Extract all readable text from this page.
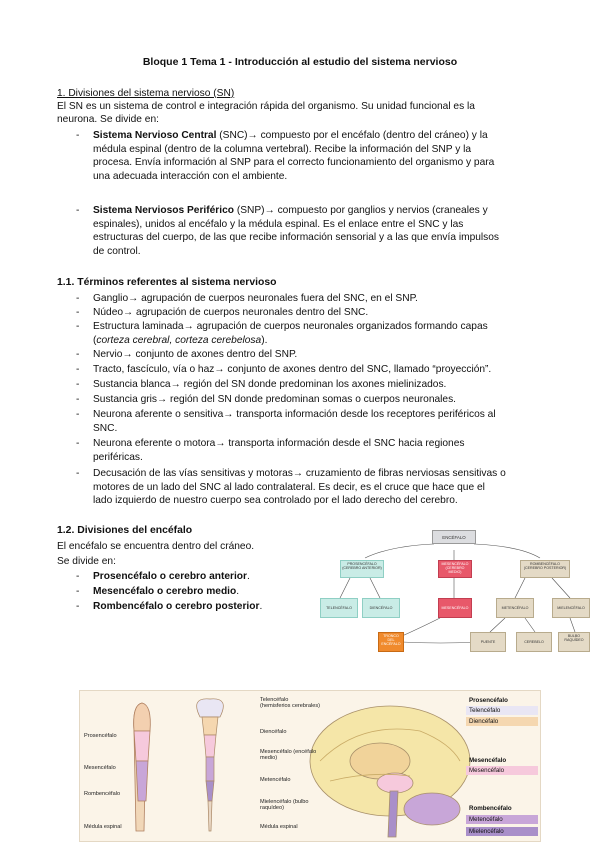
Bloque 1 Tema 1 - Introducción al estudio del sistema nervioso
1. Divisiones del sistema nervioso (SN)
El SN es un sistema de control e integración rápida del organismo. Su unidad funcional es la
neurona. Se divide en:
- Sistema Nervioso Central (SNC)→ compuesto por el encéfalo (dentro del cráneo) y la
médula espinal (dentro de la columna vertebral). Recibe la información del SNP y la
procesa. Envía información al SNP para el correcto funcionamiento del organismo y para
una adecuada interacción con el ambiente.
- Sistema Nerviosos Periférico (SNP)→ compuesto por ganglios y nervios (craneales y
espinales), unidos al encéfalo y la médula espinal. Es el enlace entre el SNC y las
estructuras del cuerpo, de las que recibe información sensorial y a las que envía impulsos
de control.
1.1. Términos referentes al sistema nervioso
- Ganglio→ agrupación de cuerpos neuronales fuera del SNC, en el SNP.
- Núdeo→ agrupación de cuerpos neuronales dentro del SNC.
- Estructura laminada→ agrupación de cuerpos neuronales organizados formando capas
(corteza cerebral, corteza cerebelosa).
- Nervio→ conjunto de axones dentro del SNP.
- Tracto, fascículo, vía o haz→ conjunto de axones dentro del SNC, llamado “proyección”.
- Sustancia blanca→ región del SN donde predominan los axones mielinizados.
- Sustancia gris→ región del SN donde predominan somas o cuerpos neuronales.
- Neurona aferente o sensitiva→ transporta información desde los receptores periféricos al
SNC.
- Neurona eferente o motora→ transporta información desde el SNC hacia regiones
periféricas.
- Decusación de las vías sensitivas y motoras→ cruzamiento de fibras nerviosas sensitivas o
motores de un lado del SNC al lado contralateral. Es decir, es el cruce que hace que el
lado izquierdo de nuestro cuerpo sea controlado por el lado derecho del cerebro.
1.2. Divisiones del encéfalo
El encéfalo se encuentra dentro del cráneo.
Se divide en:
- Prosencéfalo o cerebro anterior.
- Mesencéfalo o cerebro medio.
- Rombencéfalo o cerebro posterior.
ENCÉFALO
PROSENCÉFALO (CEREBRO ANTERIOR)
MESENCÉFALO (CEREBRO MEDIO)
ROMBENCÉFALO (CEREBRO POSTERIOR)
TELENCÉFALO	DIENCÉFALO	MESENCÉFALO	METENCÉFALO	MIELENCÉFALO
PUENTE	CEREBELO
BULBO RAQUÍDEO
TRONCO DEL ENCÉFALO
Prosencéfalo
Mesencéfalo
Rombencéfalo
Médula espinal
Telencéfalo (hemisferios cerebrales)
Diencéfalo
Mesencéfalo (encéfalo medio)
Metencéfalo
Mielencéfalo (bulbo raquídeo)
Médula espinal
Prosencéfalo
Telencéfalo
Diencéfalo
Mesencéfalo
Mesencéfalo
Rombencéfalo
Metencéfalo
Mielencéfalo
